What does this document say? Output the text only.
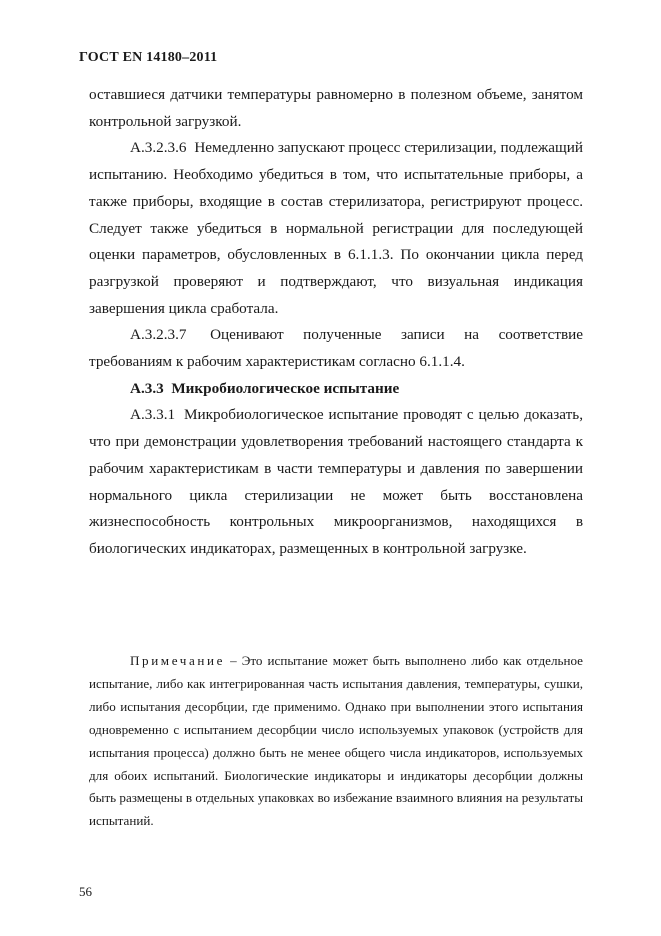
ГОСТ EN 14180–2011

оставшиеся датчики температуры равномерно в полезном объеме, занятом контрольной загрузкой.

А.3.2.3.6 Немедленно запускают процесс стерилизации, подлежащий испытанию. Необходимо убедиться в том, что испытательные приборы, а также приборы, входящие в состав стерилизатора, регистрируют процесс. Следует также убедиться в нормальной регистрации для последующей оценки параметров, обусловленных в 6.1.1.3. По окончании цикла перед разгрузкой проверяют и подтверждают, что визуальная индикация завершения цикла сработала.

А.3.2.3.7 Оценивают полученные записи на соответствие требованиям к рабочим характеристикам согласно 6.1.1.4.

А.3.3 Микробиологическое испытание

А.3.3.1 Микробиологическое испытание проводят с целью доказать, что при демонстрации удовлетворения требований настоящего стандарта к рабочим характеристикам в части температуры и давления по завершении нормального цикла стерилизации не может быть восстановлена жизнеспособность контрольных микроорганизмов, находящихся в биологических индикаторах, размещенных в контрольной загрузке.

Примечание – Это испытание может быть выполнено либо как отдельное испытание, либо как интегрированная часть испытания давления, температуры, сушки, либо испытания десорбции, где применимо. Однако при выполнении этого испытания одновременно с испытанием десорбции число используемых упаковок (устройств для испытания процесса) должно быть не менее общего числа индикаторов, используемых для обоих испытаний. Биологические индикаторы и индикаторы десорбции должны быть размещены в отдельных упаковках во избежание взаимного влияния на результаты испытаний.

56
